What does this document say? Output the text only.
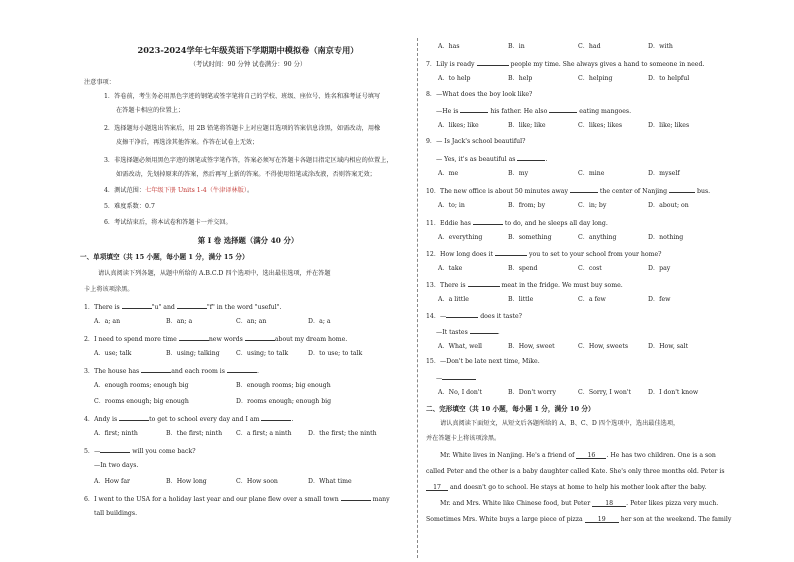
2023-2024学年七年级英语下学期期中模拟卷（南京专用）
（考试时间：90 分钟 试卷满分：90 分）
注意事项：
1．答卷前，考生务必用黑色字迹的钢笔或签字笔将自己的学校、班级、座位号、姓名和准考证号填写
在答题卡相应的位置上；
2．选择题每小题选出答案后，用 2B 铅笔将答题卡上对应题目选项的答案信息涂黑，如需改动，用橡
皮擦干净后，再选涂其他答案。作答在试卷上无效；
3．非选择题必须用黑色字迹的钢笔或签字笔作答，答案必须写在答题卡各题目指定区域内相应的位置上，
如需改动，先划掉原来的答案，然后再写上新的答案。不得使用铅笔或涂改液，否则答案无效；
4．测试范围：七年级下册 Units 1-4（牛津译林版）。
5．难度系数：0.7
6．考试结束后，将本试卷和答题卡一并交回。
第 I 卷 选择题（满分 40 分）
一、单项填空（共 15 小题，每小题 1 分，满分 15 分）
请认真阅读下列各题，从题中所给的 A.B.C.D 四个选项中，选出最佳选项，并在答题
卡上将该项涂黑。
1．There is	"u" and	"f" in the word "useful".
A．a; an	B．an; a	C．an; an	D．a; a
2．I need to spend more time	new words	about my dream home.
A．use; talk	B．using; talking	C．using; to talk	D．to use; to talk
3．The house has	and each room is	.
A．enough rooms; enough big	B．enough rooms; big enough
C．rooms enough; big enough	D．rooms enough; enough big
4．Andy is	to get to school every day and I am	.
A．first; ninth	B．the first; ninth C．a first; a ninth	D．the first; the ninth
5．—	will you come back?
—In two days.
A．How far	B．How long	C．How soon	D．What time
6．I went to the USA for a holiday last year and our plane flew over a small town	many
tall buildings.
A．has	B．in	C．had	D．with
7．Lily is ready	people my time. She always gives a hand to someone in need.
A．to help	B．help	C．helping	D．to helpful
8．—What does the boy look like?
—He is	his father. He also	eating mangoes.
A．likes; like	B．like; like	C．likes; likes	D．like; likes
9．— Is Jack's school beautiful?
— Yes, it's as beautiful as	.
A．me	B．my	C．mine	D．myself
10．The new office is about 50 minutes away	the center of Nanjing	bus.
A．to; in	B．from; by	C．in; by	D．about; on
11．Eddie has	to do, and he sleeps all day long.
A．everything	B．something	C．anything	D．nothing
12．How long does it	you to set to your school from your home?
A．take	B．spend	C．cost	D．pay
13．There is	meat in the fridge. We must buy some.
A．a little	B．little	C．a few	D．few
14．—	does it taste?
—It tastes	.
A．What, well	B．How, sweet	C．How, sweets	D．How, salt
15．—Don't be late next time, Mike.
—
A．No, I don't	B．Don't worry	C．Sorry, I won't	D．I don't know
二、完形填空（共 10 小题，每小题 1 分，满分 10 分）
请认真阅读下面短文，从短文后各题所给的 A、B、C、D 四个选项中，选出最佳选项，
并在答题卡上将该项涂黑。
Mr. White lives in Nanjing. He's a friend of 16 . He has two children. One is a son
called Peter and the other is a baby daughter called Kate. She's only three months old. Peter is
17 and doesn't go to school. He stays at home to help his mother look after the baby.
Mr. and Mrs. White like Chinese food, but Peter 18 . Peter likes pizza very much.
Sometimes Mrs. White buys a large piece of pizza 19 her son at the weekend. The family
